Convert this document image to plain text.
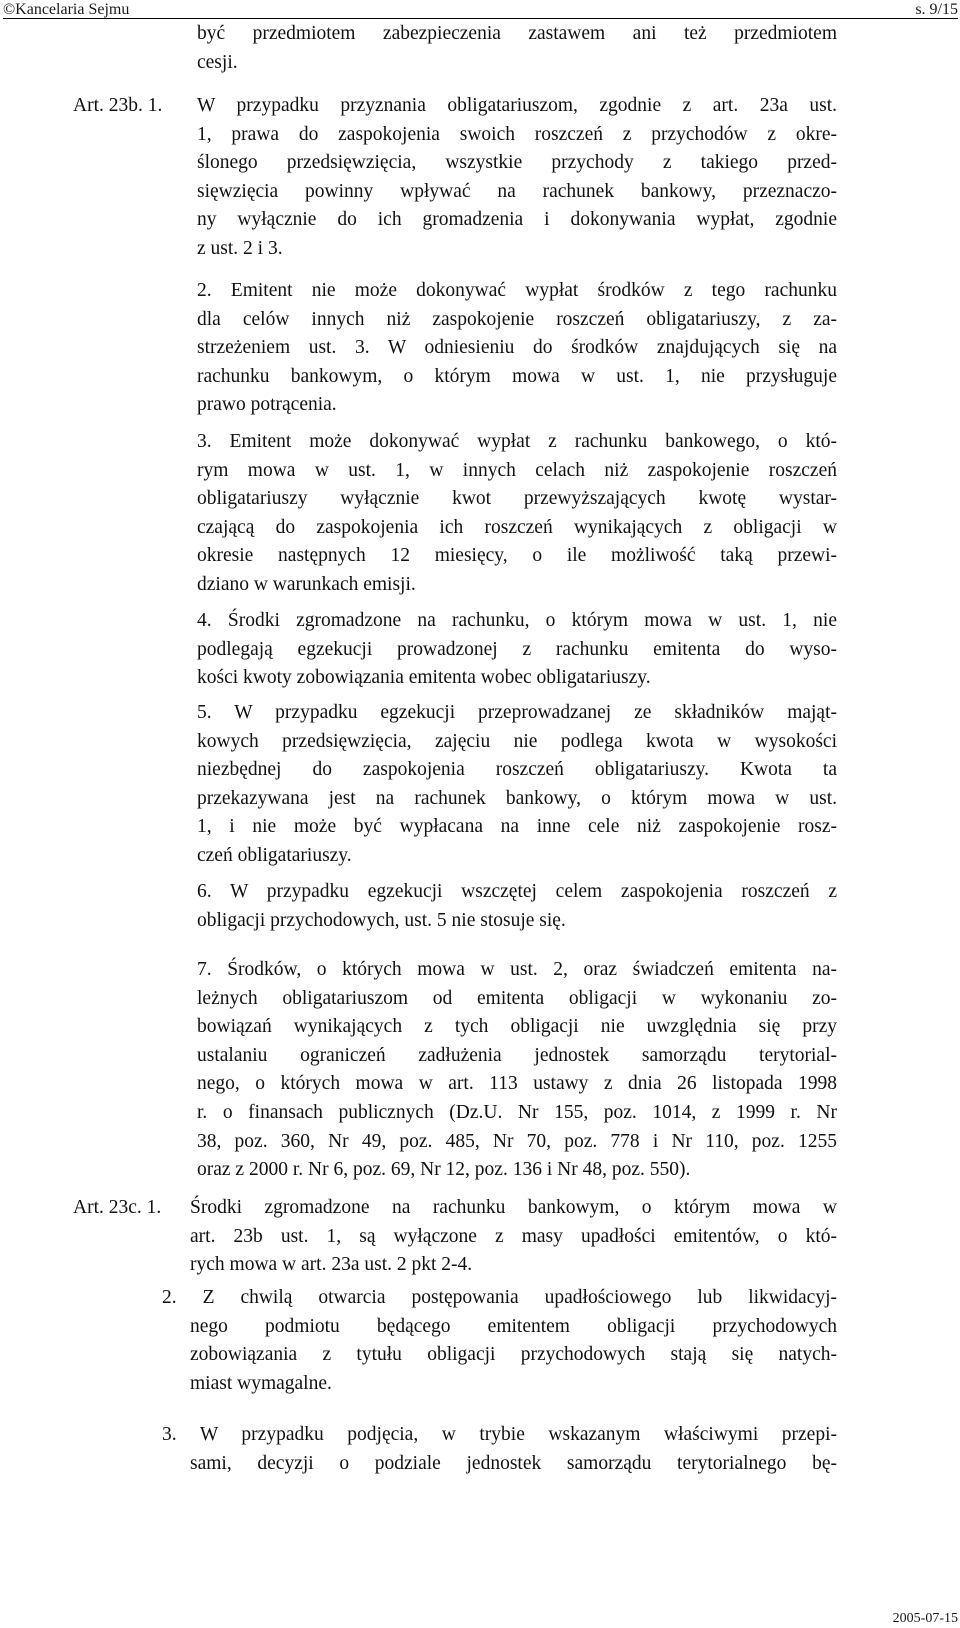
©Kancelaria Sejmu	s. 9/15
być przedmiotem zabezpieczenia zastawem ani też przedmiotem
cesji.
Art. 23b. 1. W przypadku przyznania obligatariuszom, zgodnie z art. 23a ust.
1, prawa do zaspokojenia swoich roszczeń z przychodów z okre-
ślonego przedsięwzięcia, wszystkie przychody z takiego przed-
sięwzięcia powinny wpływać na rachunek bankowy, przeznaczo-
ny wyłącznie do ich gromadzenia i dokonywania wypłat, zgodnie
z ust. 2 i 3.
2. Emitent nie może dokonywać wypłat środków z tego rachunku
dla celów innych niż zaspokojenie roszczeń obligatariuszy, z za-
strzeżeniem ust. 3. W odniesieniu do środków znajdujących się na
rachunku bankowym, o którym mowa w ust. 1, nie przysługuje
prawo potrącenia.
3. Emitent może dokonywać wypłat z rachunku bankowego, o któ-
rym mowa w ust. 1, w innych celach niż zaspokojenie roszczeń
obligatariuszy wyłącznie kwot przewyższających kwotę wystar-
czającą do zaspokojenia ich roszczeń wynikających z obligacji w
okresie następnych 12 miesięcy, o ile możliwość taką przewi-
dziano w warunkach emisji.
4. Środki zgromadzone na rachunku, o którym mowa w ust. 1, nie
podlegają egzekucji prowadzonej z rachunku emitenta do wyso-
kości kwoty zobowiązania emitenta wobec obligatariuszy.
5. W przypadku egzekucji przeprowadzanej ze składników mająt-
kowych przedsięwzięcia, zajęciu nie podlega kwota w wysokości
niezbędnej do zaspokojenia roszczeń obligatariuszy. Kwota ta
przekazywana jest na rachunek bankowy, o którym mowa w ust.
1, i nie może być wypłacana na inne cele niż zaspokojenie rosz-
czeń obligatariuszy.
6. W przypadku egzekucji wszczętej celem zaspokojenia roszczeń z
obligacji przychodowych, ust. 5 nie stosuje się.
7. Środków, o których mowa w ust. 2, oraz świadczeń emitenta na-
leżnych obligatariuszom od emitenta obligacji w wykonaniu zo-
bowiązań wynikających z tych obligacji nie uwzględnia się przy
ustalaniu ograniczeń zadłużenia jednostek samorządu terytorial-
nego, o których mowa w art. 113 ustawy z dnia 26 listopada 1998
r. o finansach publicznych (Dz.U. Nr 155, poz. 1014, z 1999 r. Nr
38, poz. 360, Nr 49, poz. 485, Nr 70, poz. 778 i Nr 110, poz. 1255
oraz z 2000 r. Nr 6, poz. 69, Nr 12, poz. 136 i Nr 48, poz. 550).
Art. 23c. 1. Środki zgromadzone na rachunku bankowym, o którym mowa w
art. 23b ust. 1, są wyłączone z masy upadłości emitentów, o któ-
rych mowa w art. 23a ust. 2 pkt 2-4.
2. Z chwilą otwarcia postępowania upadłościowego lub likwidacyj-
nego podmiotu będącego emitentem obligacji przychodowych
zobowiązania z tytułu obligacji przychodowych stają się natych-
miast wymagalne.
3. W przypadku podjęcia, w trybie wskazanym właściwymi przepi-
sami, decyzji o podziale jednostek samorządu terytorialnego bę-
2005-07-15
